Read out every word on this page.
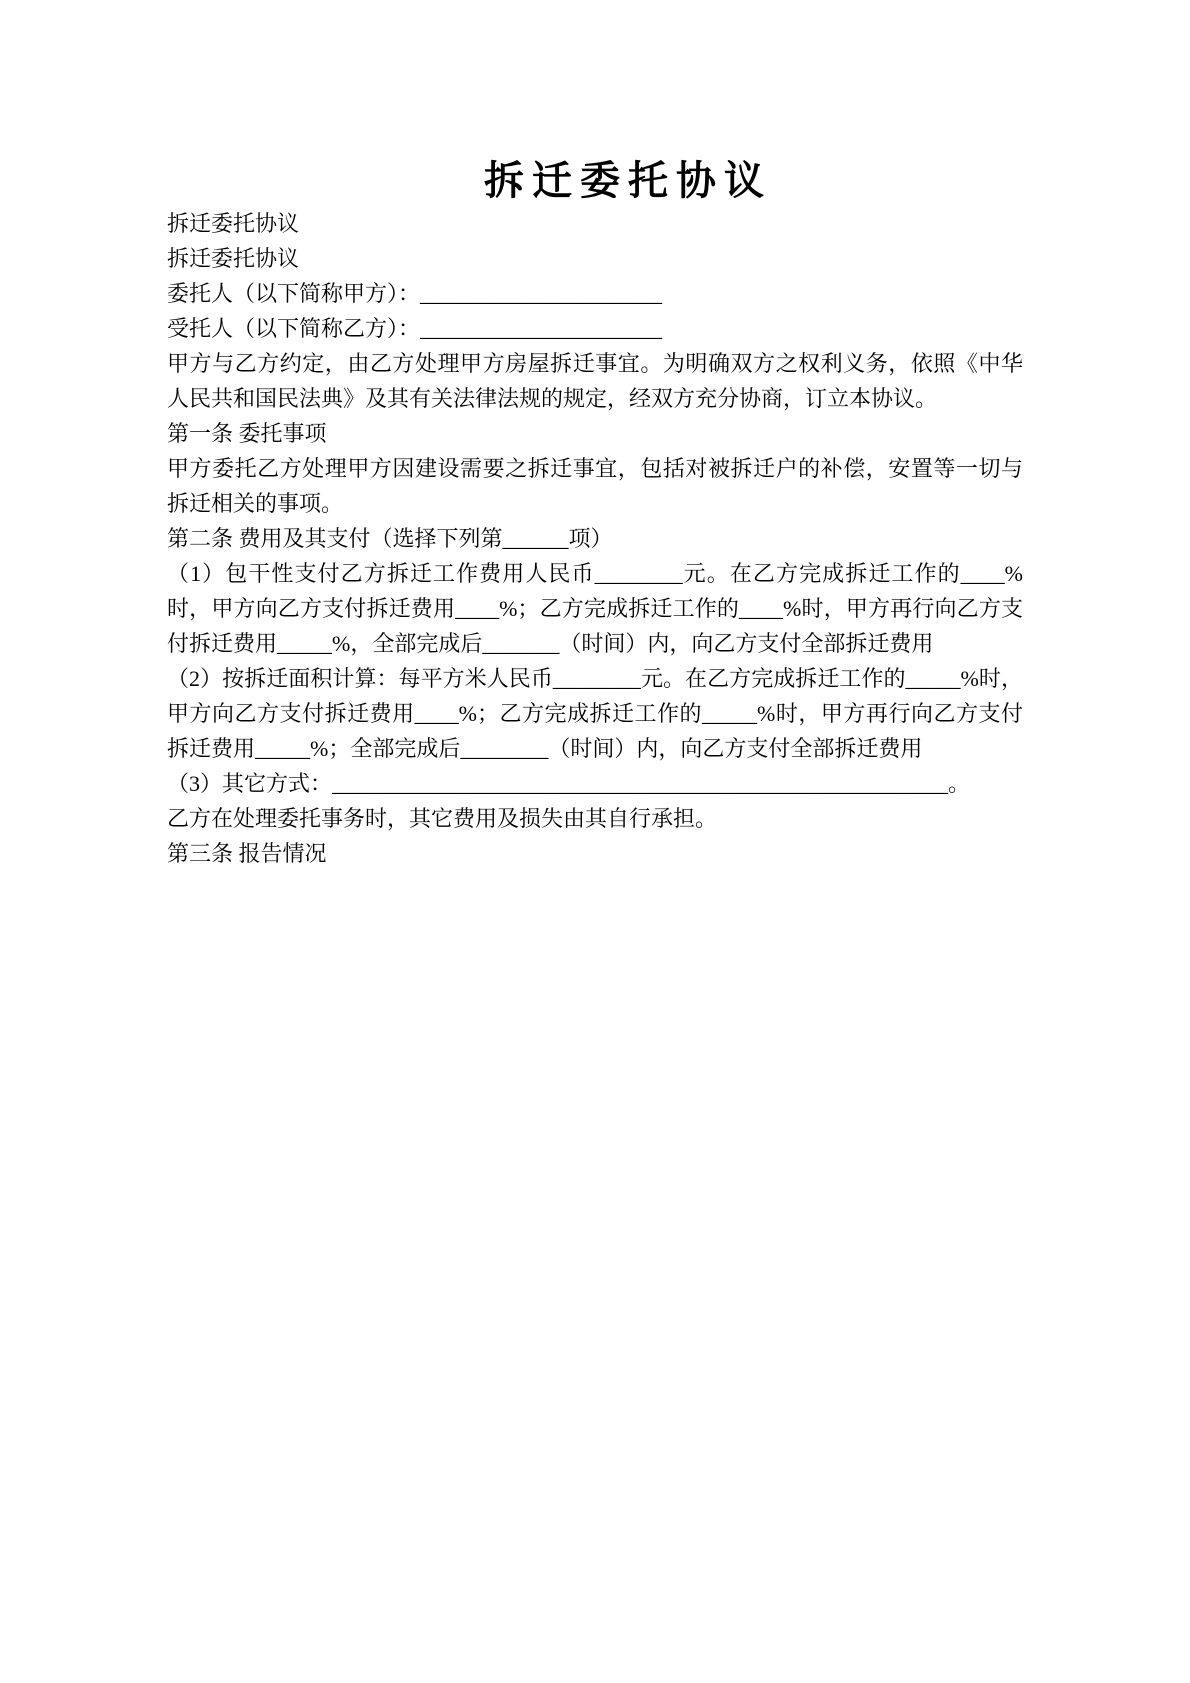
拆迁委托协议

拆迁委托协议

拆迁委托协议

委托人（以下简称甲方）：______________________

受托人（以下简称乙方）：______________________

甲方与乙方约定，由乙方处理甲方房屋拆迁事宜。为明确双方之权利义务，依照《中华人民共和国民法典》及其有关法律法规的规定，经双方充分协商，订立本协议。

第一条 委托事项

甲方委托乙方处理甲方因建设需要之拆迁事宜，包括对被拆迁户的补偿，安置等一切与拆迁相关的事项。

第二条 费用及其支付（选择下列第______项）

（1）包干性支付乙方拆迁工作费用人民币________元。在乙方完成拆迁工作的____%时，甲方向乙方支付拆迁费用____%；乙方完成拆迁工作的____%时，甲方再行向乙方支付拆迁费用_____%，全部完成后_______（时间）内，向乙方支付全部拆迁费用

（2）按拆迁面积计算：每平方米人民币________元。在乙方完成拆迁工作的_____%时，甲方向乙方支付拆迁费用____%；乙方完成拆迁工作的_____%时，甲方再行向乙方支付拆迁费用_____%；全部完成后________（时间）内，向乙方支付全部拆迁费用

（3）其它方式：________________________________________________________。

乙方在处理委托事务时，其它费用及损失由其自行承担。

第三条 报告情况
